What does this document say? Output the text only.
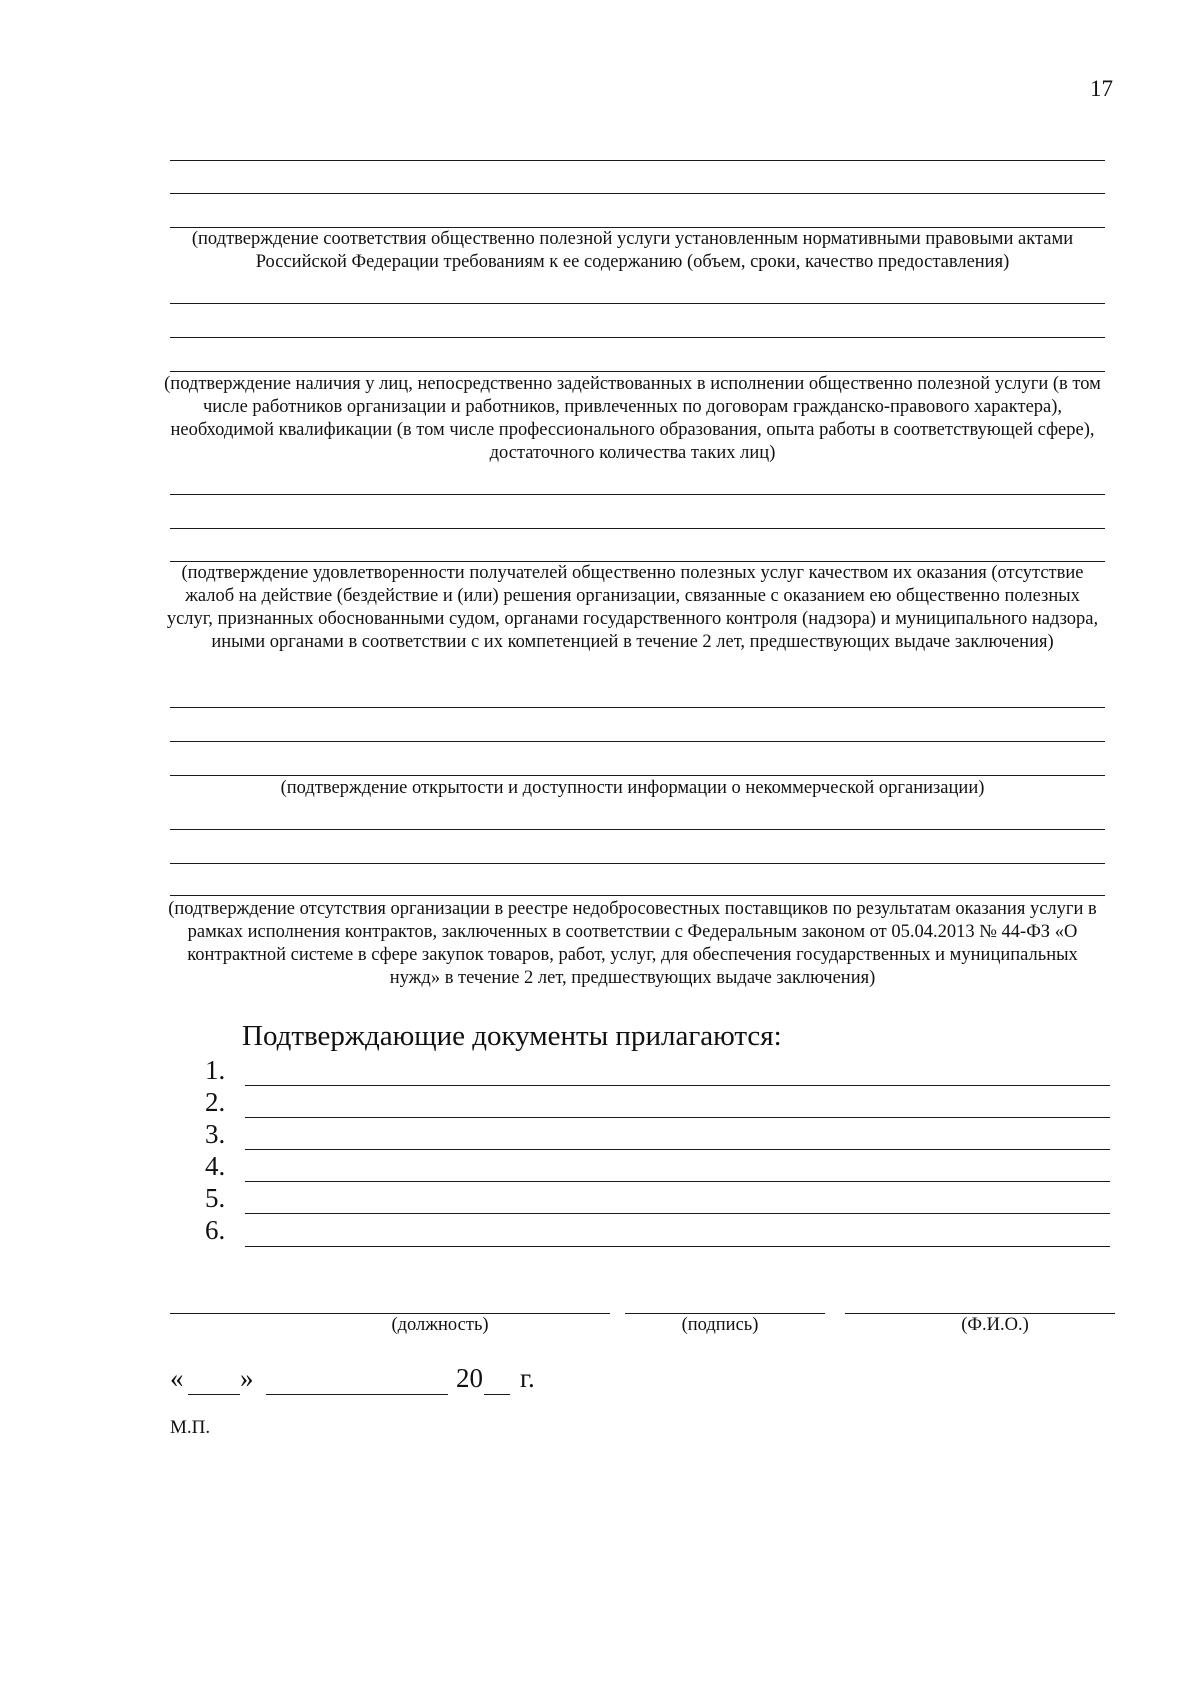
17
(подтверждение соответствия общественно полезной услуги установленным нормативными правовыми актами Российской Федерации требованиям к ее содержанию (объем, сроки, качество предоставления)
(подтверждение наличия у лиц, непосредственно задействованных в исполнении общественно полезной услуги (в том числе работников организации и работников, привлеченных по договорам гражданско-правового характера), необходимой квалификации (в том числе профессионального образования, опыта работы в соответствующей сфере), достаточного количества таких лиц)
(подтверждение удовлетворенности получателей общественно полезных услуг качеством их оказания (отсутствие жалоб на действие (бездействие и (или) решения организации, связанные с оказанием ею общественно полезных услуг, признанных обоснованными судом, органами государственного контроля (надзора) и муниципального надзора, иными органами в соответствии с их компетенцией в течение 2 лет, предшествующих выдаче заключения)
(подтверждение открытости и доступности информации о некоммерческой организации)
(подтверждение отсутствия организации в реестре недобросовестных поставщиков по результатам оказания услуги в рамках исполнения контрактов, заключенных в соответствии с Федеральным законом от 05.04.2013 № 44-ФЗ «О контрактной системе в сфере закупок товаров, работ, услуг, для обеспечения государственных и муниципальных нужд» в течение 2 лет, предшествующих выдаче заключения)
Подтверждающие документы прилагаются:
1.
2.
3.
4.
5.
6.
(должность)	(подпись)	(Ф.И.О.)
« »	20 г.
М.П.
